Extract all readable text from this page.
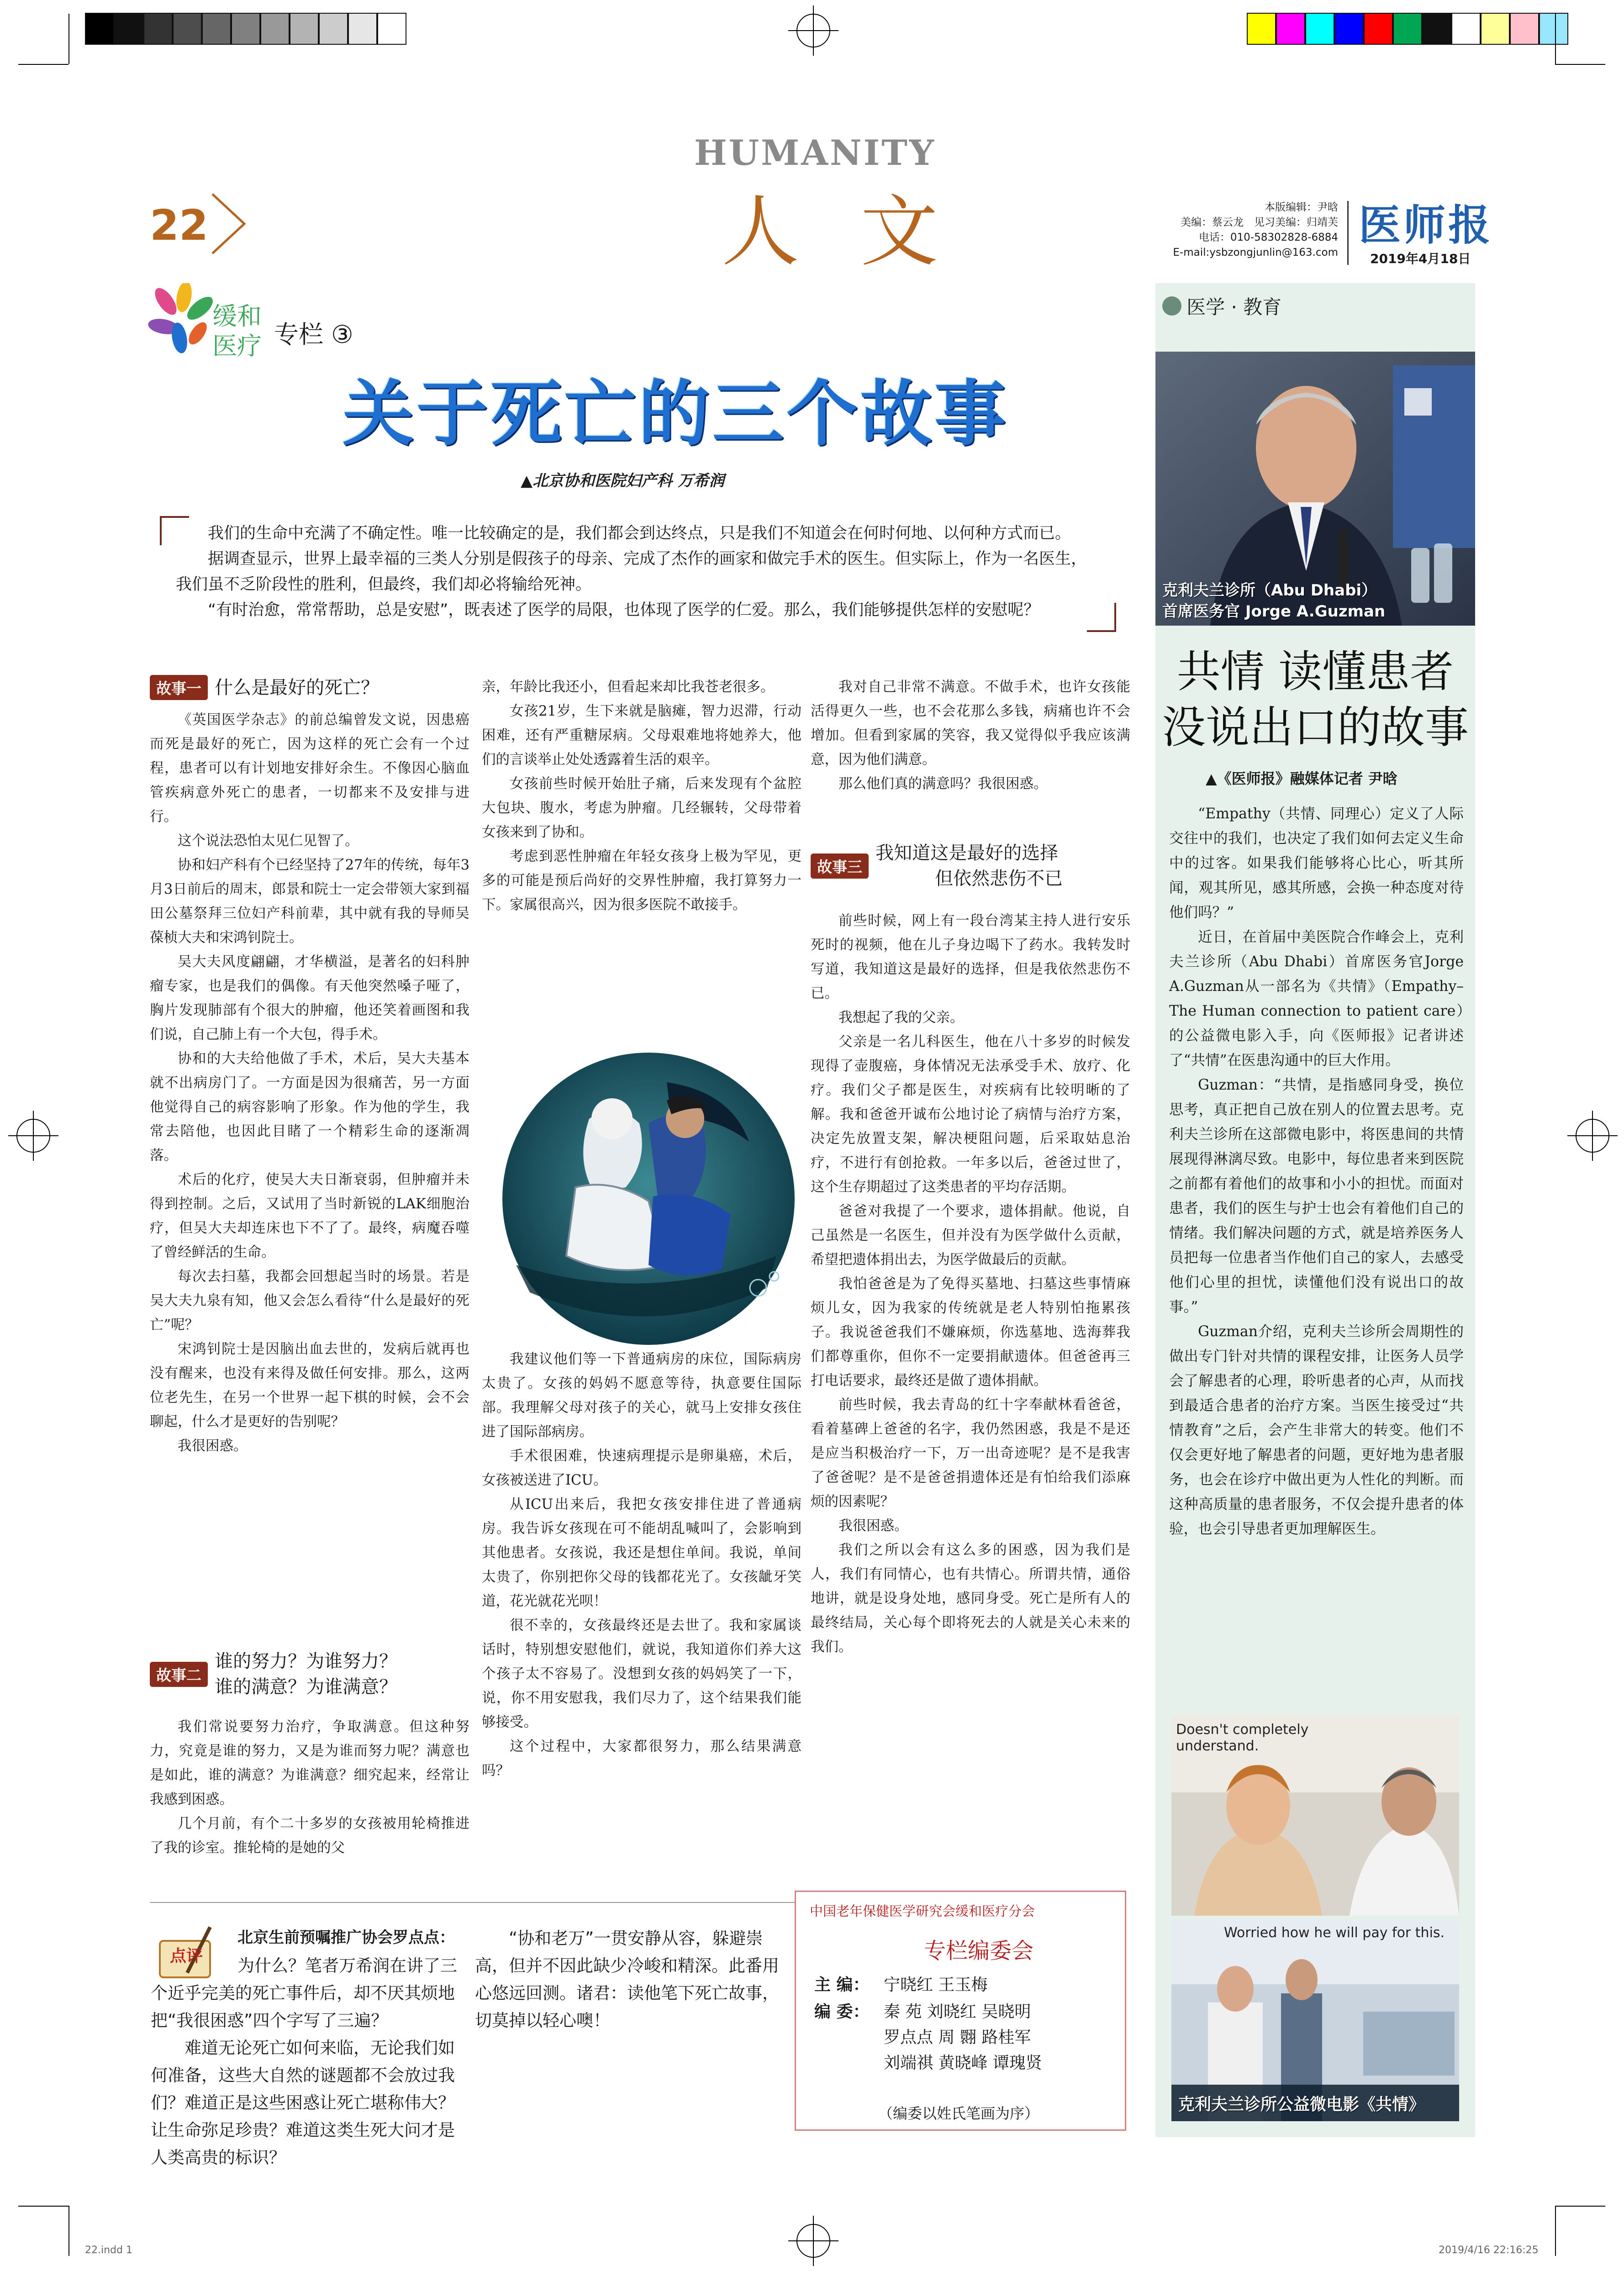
22
HUMANITY
人 文	本版编辑：尹晗
美编：蔡云龙　见习美编：归靖芙
电话：010-58302828-6884
E-mail:ysbzongjunlin@163.com
医师报
2019年4月18日
缓和
医疗 专栏 ③
关于死亡的三个故事
▲北京协和医院妇产科 万希润

我们的生命中充满了不确定性。唯一比较确定的是，我们都会到达终点，只是我们不知道会在何时何地、以何种方式而已。

据调查显示，世界上最幸福的三类人分别是假孩子的母亲、完成了杰作的画家和做完手术的医生。但实际上，作为一名医生，我们虽不乏阶段性的胜利，但最终，我们却必将输给死神。

“有时治愈，常常帮助，总是安慰”，既表述了医学的局限，也体现了医学的仁爱。那么，我们能够提供怎样的安慰呢？

故事一 什么是最好的死亡？

《英国医学杂志》的前总编曾发文说，因患癌而死是最好的死亡，因为这样的死亡会有一个过程，患者可以有计划地安排好余生。不像因心脑血管疾病意外死亡的患者，一切都来不及安排与进行。

这个说法恐怕太见仁见智了。

协和妇产科有个已经坚持了27年的传统，每年3月3日前后的周末，郎景和院士一定会带领大家到福田公墓祭拜三位妇产科前辈，其中就有我的导师吴葆桢大夫和宋鸿钊院士。

吴大夫风度翩翩，才华横溢，是著名的妇科肿瘤专家，也是我们的偶像。有天他突然嗓子哑了，胸片发现肺部有个很大的肿瘤，他还笑着画图和我们说，自己肺上有一个大包，得手术。

协和的大夫给他做了手术，术后，吴大夫基本就不出病房门了。一方面是因为很痛苦，另一方面他觉得自己的病容影响了形象。作为他的学生，我常去陪他，也因此目睹了一个精彩生命的逐渐凋落。

术后的化疗，使吴大夫日渐衰弱，但肿瘤并未得到控制。之后，又试用了当时新锐的LAK细胞治疗，但吴大夫却连床也下不了了。最终，病魔吞噬了曾经鲜活的生命。

每次去扫墓，我都会回想起当时的场景。若是吴大夫九泉有知，他又会怎么看待“什么是最好的死亡”呢？

宋鸿钊院士是因脑出血去世的，发病后就再也没有醒来，也没有来得及做任何安排。那么，这两位老先生，在另一个世界一起下棋的时候，会不会聊起，什么才是更好的告别呢？

我很困惑。

故事二
谁的努力？为谁努力？
谁的满意？为谁满意？

我们常说要努力治疗，争取满意。但这种努力，究竟是谁的努力，又是为谁而努力呢？满意也是如此，谁的满意？为谁满意？细究起来，经常让我感到困惑。

几个月前，有个二十多岁的女孩被用轮椅推进了我的诊室。推轮椅的是她的父

亲，年龄比我还小，但看起来却比我苍老很多。

女孩21岁，生下来就是脑瘫，智力迟滞，行动困难，还有严重糖尿病。父母艰难地将她养大，他们的言谈举止处处透露着生活的艰辛。

女孩前些时候开始肚子痛，后来发现有个盆腔大包块、腹水，考虑为肿瘤。几经辗转，父母带着女孩来到了协和。

考虑到恶性肿瘤在年轻女孩身上极为罕见，更多的可能是预后尚好的交界性肿瘤，我打算努力一下。家属很高兴，因为很多医院不敢接手。

我建议他们等一下普通病房的床位，国际病房太贵了。女孩的妈妈不愿意等待，执意要住国际部。我理解父母对孩子的关心，就马上安排女孩住进了国际部病房。

手术很困难，快速病理提示是卵巢癌，术后，女孩被送进了ICU。

从ICU出来后，我把女孩安排住进了普通病房。我告诉女孩现在可不能胡乱喊叫了，会影响到其他患者。女孩说，我还是想住单间。我说，单间太贵了，你别把你父母的钱都花光了。女孩龇牙笑道，花光就花光呗！

很不幸的，女孩最终还是去世了。我和家属谈话时，特别想安慰他们，就说，我知道你们养大这个孩子太不容易了。没想到女孩的妈妈笑了一下，说，你不用安慰我，我们尽力了，这个结果我们能够接受。

这个过程中，大家都很努力，那么结果满意吗？

我对自己非常不满意。不做手术，也许女孩能活得更久一些，也不会花那么多钱，病痛也许不会增加。但看到家属的笑容，我又觉得似乎我应该满意，因为他们满意。

那么他们真的满意吗？我很困惑。

故事三
我知道这是最好的选择
但依然悲伤不已

前些时候，网上有一段台湾某主持人进行安乐死时的视频，他在儿子身边喝下了药水。我转发时写道，我知道这是最好的选择，但是我依然悲伤不已。

我想起了我的父亲。

父亲是一名儿科医生，他在八十多岁的时候发现得了壶腹癌，身体情况无法承受手术、放疗、化疗。我们父子都是医生，对疾病有比较明晰的了解。我和爸爸开诚布公地讨论了病情与治疗方案，决定先放置支架，解决梗阻问题，后采取姑息治疗，不进行有创抢救。一年多以后，爸爸过世了，这个生存期超过了这类患者的平均存活期。

爸爸对我提了一个要求，遗体捐献。他说，自己虽然是一名医生，但并没有为医学做什么贡献，希望把遗体捐出去，为医学做最后的贡献。

我怕爸爸是为了免得买墓地、扫墓这些事情麻烦儿女，因为我家的传统就是老人特别怕拖累孩子。我说爸爸我们不嫌麻烦，你选墓地、选海葬我们都尊重你，但你不一定要捐献遗体。但爸爸再三打电话要求，最终还是做了遗体捐献。

前些时候，我去青岛的红十字奉献林看爸爸，看着墓碑上爸爸的名字，我仍然困惑，我是不是还是应当积极治疗一下，万一出奇迹呢？是不是我害了爸爸呢？是不是爸爸捐遗体还是有怕给我们添麻烦的因素呢？

我很困惑。

我们之所以会有这么多的困惑，因为我们是人，我们有同情心，也有共情心。所谓共情，通俗地讲，就是设身处地，感同身受。死亡是所有人的最终结局，关心每个即将死去的人就是关心未来的我们。

点评
北京生前预嘱推广协会罗点点：

为什么？笔者万希润在讲了三个近乎完美的死亡事件后，却不厌其烦地把“我很困惑”四个字写了三遍？

难道无论死亡如何来临，无论我们如何准备，这些大自然的谜题都不会放过我们？难道正是这些困惑让死亡堪称伟大？让生命弥足珍贵？难道这类生死大问才是人类高贵的标识？

“协和老万”一贯安静从容，躲避崇高，但并不因此缺少冷峻和精深。此番用心悠远回测。诸君：读他笔下死亡故事，切莫掉以轻心噢！

中国老年保健医学研究会缓和医疗分会
专栏编委会
主 编： 宁晓红 王玉梅
编 委： 秦 苑 刘晓红 吴晓明
罗点点 周 翾 路桂军
刘端祺 黄晓峰 谭瑰贤
（编委以姓氏笔画为序）
医学 · 教育
克利夫兰诊所（Abu Dhabi）
首席医务官 Jorge A.Guzman
共情 读懂患者
没说出口的故事
▲《医师报》融媒体记者 尹晗

“Empathy（共情、同理心）定义了人际交往中的我们，也决定了我们如何去定义生命中的过客。如果我们能够将心比心，听其所闻，观其所见，感其所感，会换一种态度对待他们吗？”

近日，在首届中美医院合作峰会上，克利夫兰诊所（Abu Dhabi）首席医务官Jorge A.Guzman从一部名为《共情》（Empathy–The Human connection to patient care）的公益微电影入手，向《医师报》记者讲述了“共情”在医患沟通中的巨大作用。

Guzman：“共情，是指感同身受，换位思考，真正把自己放在别人的位置去思考。克利夫兰诊所在这部微电影中，将医患间的共情展现得淋漓尽致。电影中，每位患者来到医院之前都有着他们的故事和小小的担忧。而面对患者，我们的医生与护士也会有着他们自己的情绪。我们解决问题的方式，就是培养医务人员把每一位患者当作他们自己的家人，去感受他们心里的担忧，读懂他们没有说出口的故事。”

Guzman介绍，克利夫兰诊所会周期性的做出专门针对共情的课程安排，让医务人员学会了解患者的心理，聆听患者的心声，从而找到最适合患者的治疗方案。当医生接受过“共情教育”之后，会产生非常大的转变。他们不仅会更好地了解患者的问题，更好地为患者服务，也会在诊疗中做出更为人性化的判断。而这种高质量的患者服务，不仅会提升患者的体验，也会引导患者更加理解医生。

Doesn't completely
understand.
Worried how he will pay for this.
克利夫兰诊所公益微电影《共情》
22.indd 1	2019/4/16 22:16:25
